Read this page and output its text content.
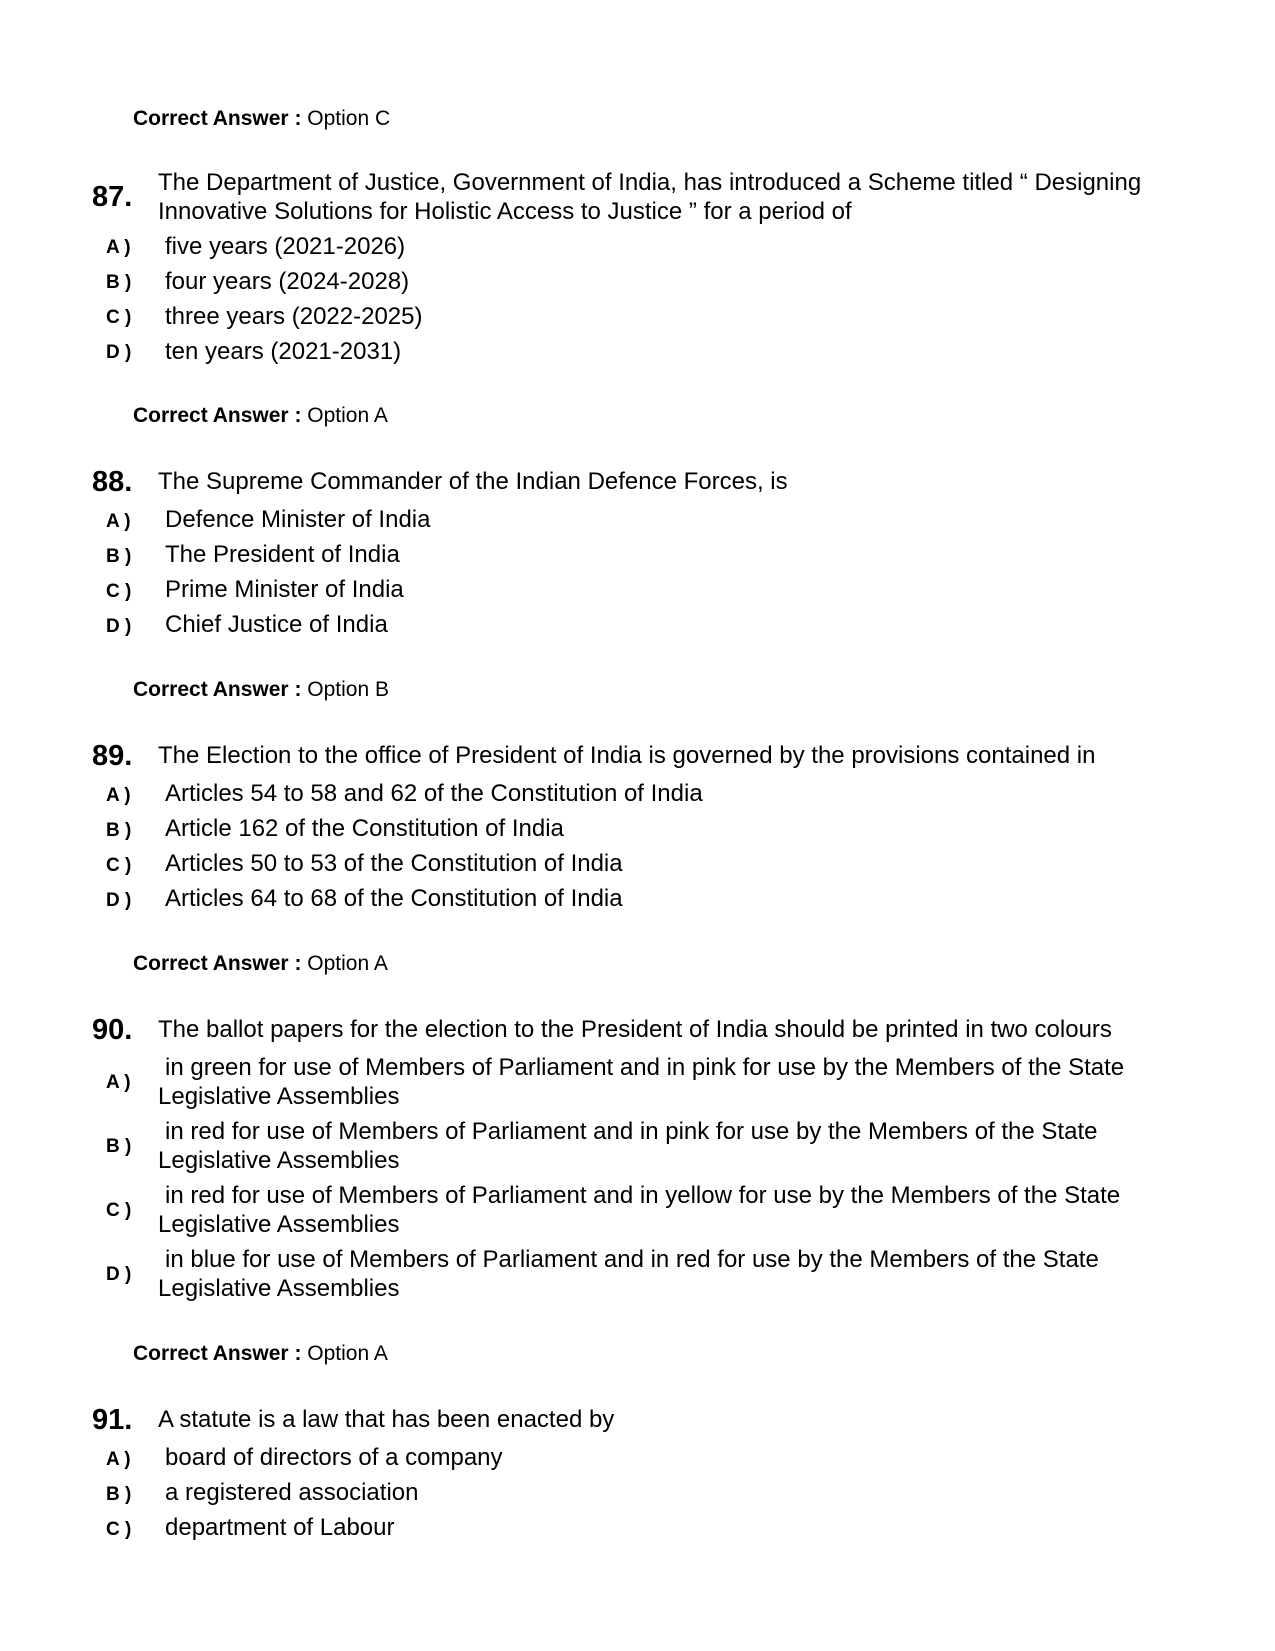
Correct Answer : Option C
87. The Department of Justice, Government of India, has introduced a Scheme titled “ Designing
Innovative Solutions for Holistic Access to Justice ” for a period of
A ) five years (2021-2026)
B ) four years (2024-2028)
C ) three years (2022-2025)
D ) ten years (2021-2031)
Correct Answer : Option A
88. The Supreme Commander of the Indian Defence Forces, is
A ) Defence Minister of India
B ) The President of India
C ) Prime Minister of India
D ) Chief Justice of India
Correct Answer : Option B
89. The Election to the office of President of India is governed by the provisions contained in
A ) Articles 54 to 58 and 62 of the Constitution of India
B ) Article 162 of the Constitution of India
C ) Articles 50 to 53 of the Constitution of India
D ) Articles 64 to 68 of the Constitution of India
Correct Answer : Option A
90. The ballot papers for the election to the President of India should be printed in two colours
A )
in green for use of Members of Parliament and in pink for use by the Members of the State
Legislative Assemblies
B )
in red for use of Members of Parliament and in pink for use by the Members of the State
Legislative Assemblies
C )
in red for use of Members of Parliament and in yellow for use by the Members of the State
Legislative Assemblies
D )
in blue for use of Members of Parliament and in red for use by the Members of the State
Legislative Assemblies
Correct Answer : Option A
91. A statute is a law that has been enacted by
A ) board of directors of a company
B ) a registered association
C ) department of Labour
